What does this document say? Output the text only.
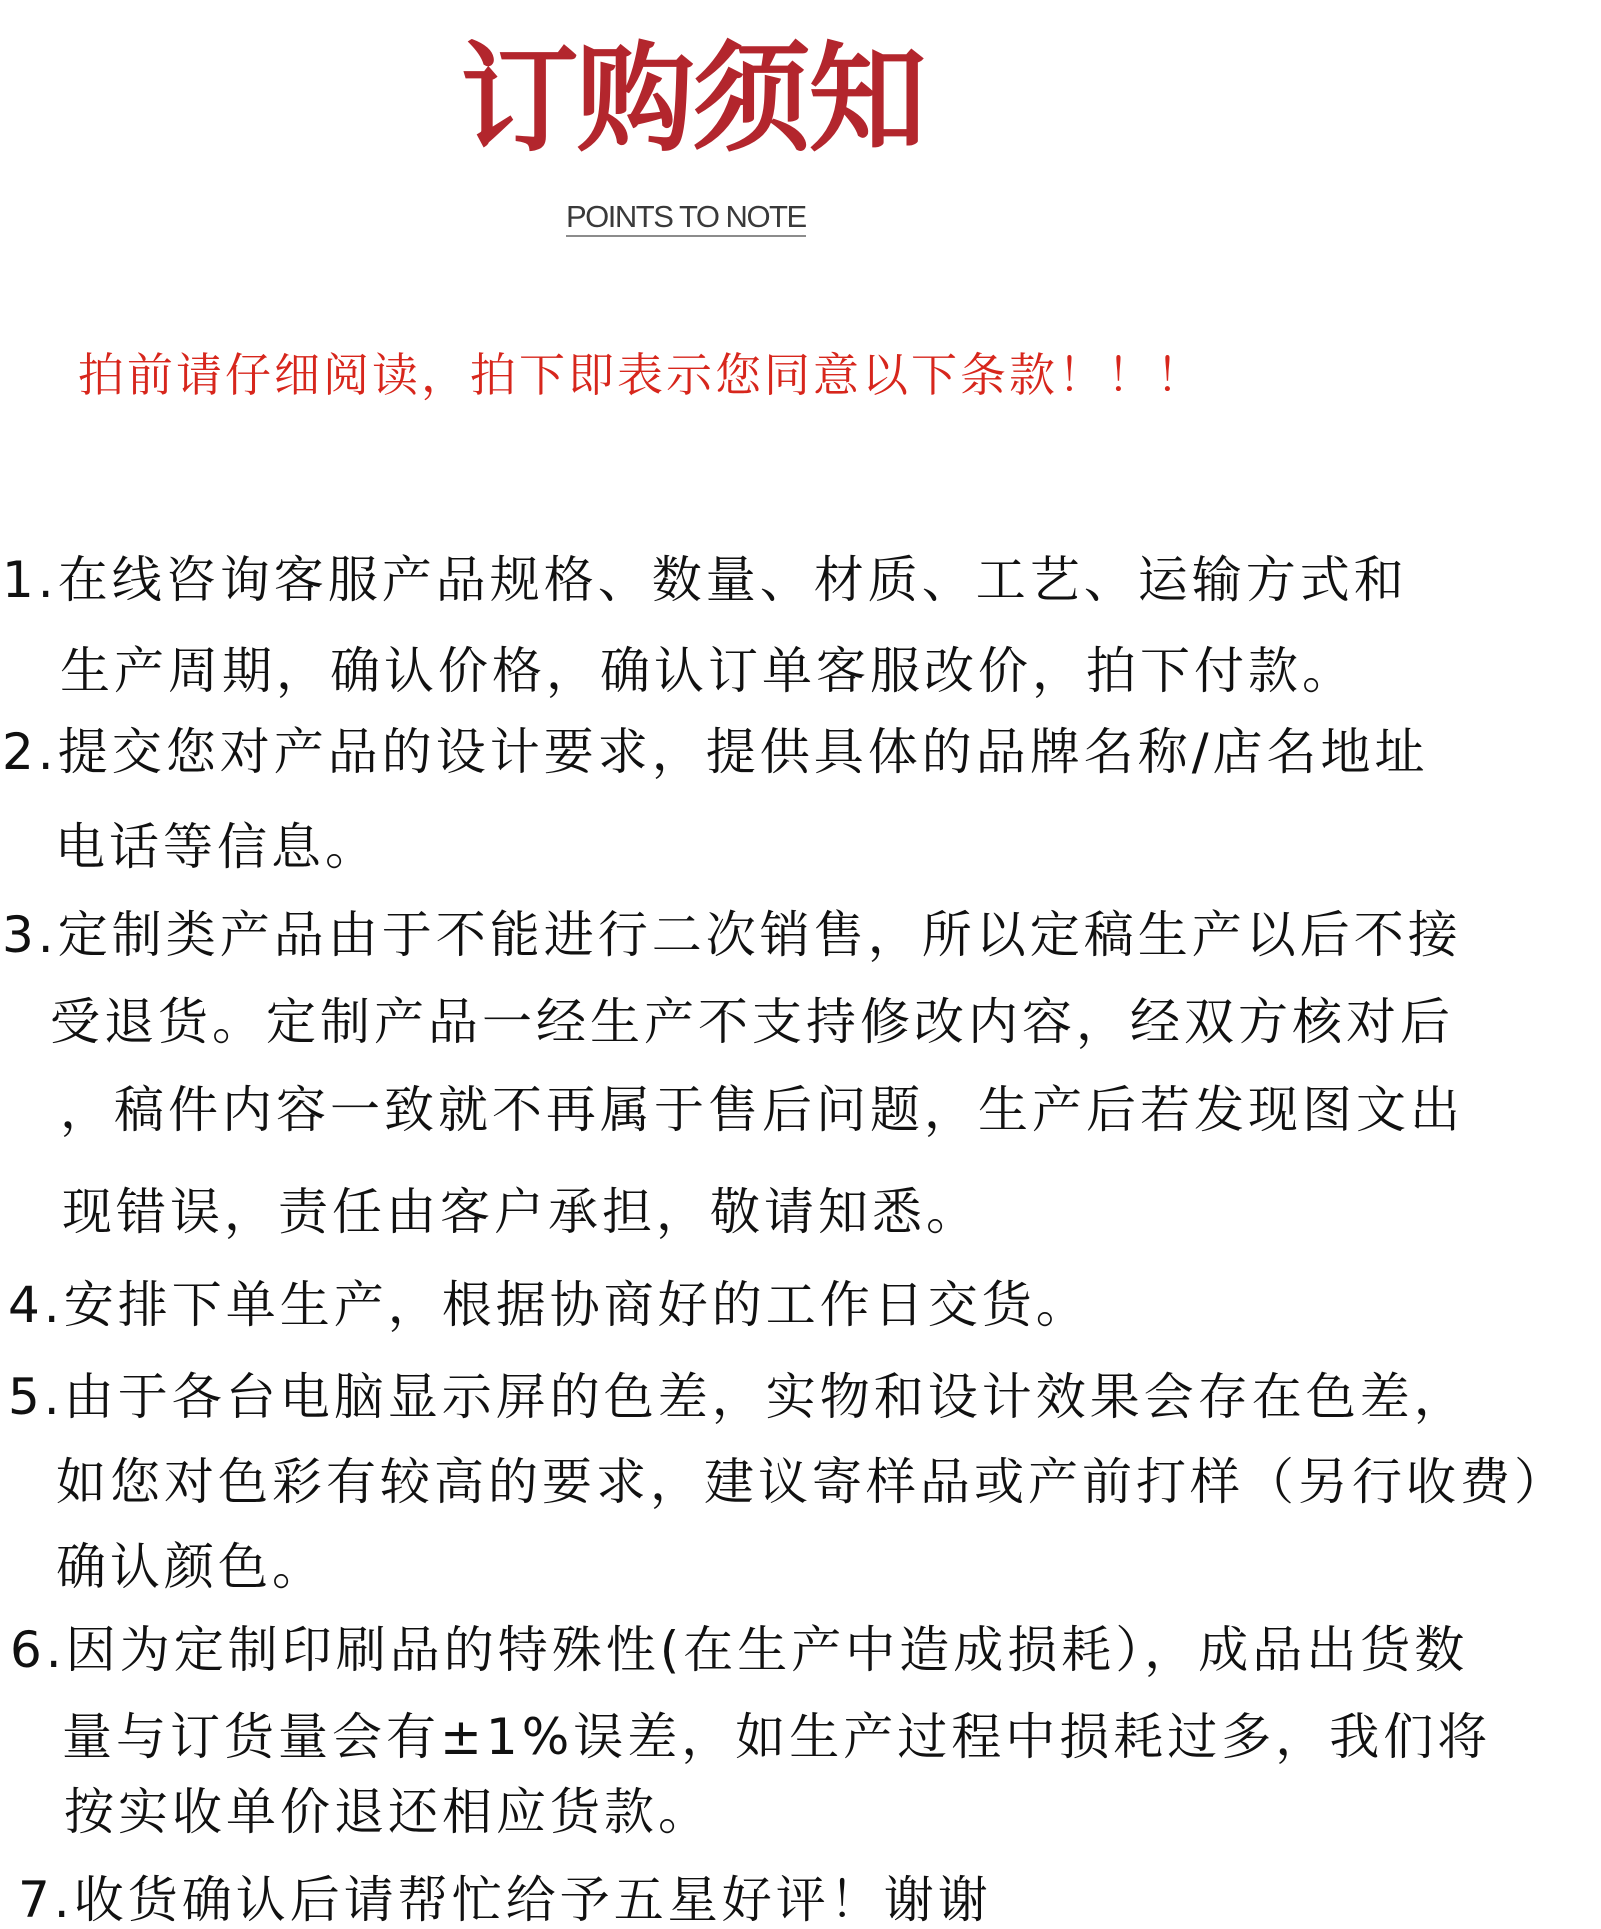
订购须知
POINTS TO NOTE
拍前请仔细阅读，拍下即表示您同意以下条款！！！
1.在线咨询客服产品规格、数量、材质、工艺、运输方式和
生产周期，确认价格，确认订单客服改价，拍下付款。
2.提交您对产品的设计要求，提供具体的品牌名称/店名地址
电话等信息。
3.定制类产品由于不能进行二次销售，所以定稿生产以后不接
受退货。定制产品一经生产不支持修改内容，经双方核对后
，稿件内容一致就不再属于售后问题，生产后若发现图文出
现错误，责任由客户承担，敬请知悉。
4.安排下单生产，根据协商好的工作日交货。
5.由于各台电脑显示屏的色差，实物和设计效果会存在色差，
如您对色彩有较高的要求，建议寄样品或产前打样（另行收费）
确认颜色。
6.因为定制印刷品的特殊性(在生产中造成损耗），成品出货数
量与订货量会有±1%误差，如生产过程中损耗过多，我们将
按实收单价退还相应货款。
7.收货确认后请帮忙给予五星好评！谢谢
